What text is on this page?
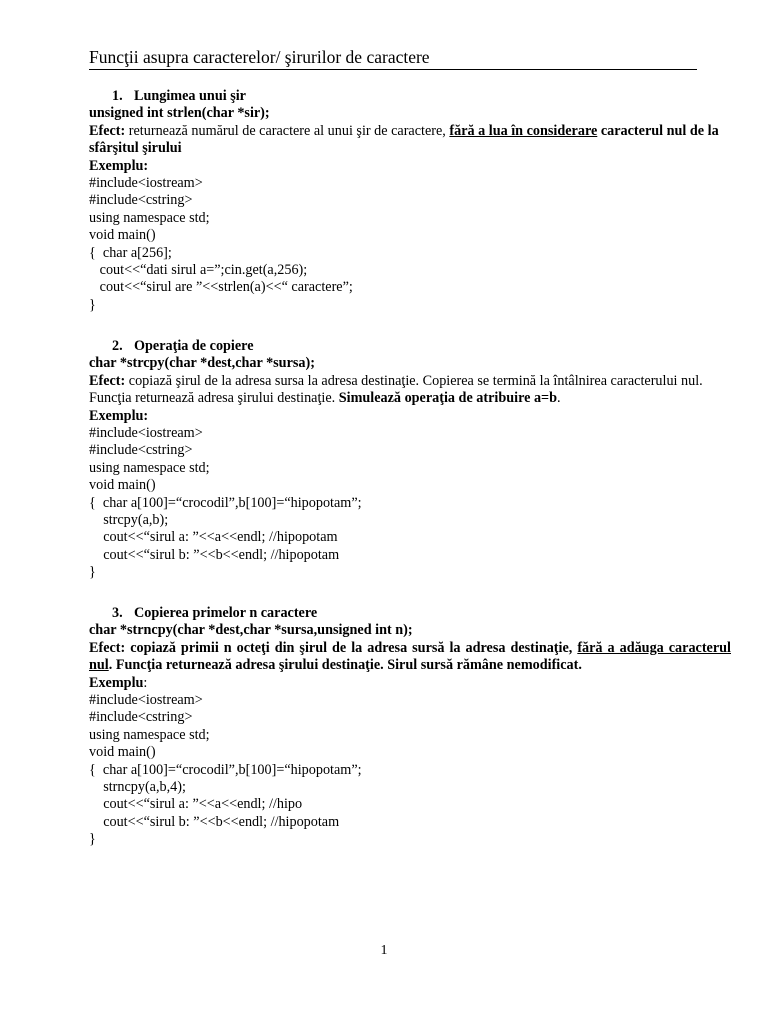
Funcţii asupra caracterelor/ şirurilor de caractere

1. Lungimea unui şir

unsigned int strlen(char *sir);

Efect: returnează numărul de caractere al unui şir de caractere, fără a lua în considerare caracterul nul de la sfârşitul şirului

Exemplu:

#include<iostream>

#include<cstring>

using namespace std;

void main()

{  char a[256];

cout<<“dati sirul a=”;cin.get(a,256);

cout<<“sirul are ”<<strlen(a)<<“ caractere”;

}

2. Operaţia de copiere

char *strcpy(char *dest,char *sursa);

Efect: copiază şirul de la adresa sursa la adresa destinaţie. Copierea se termină la întâlnirea caracterului nul. Funcţia returnează adresa şirului destinaţie. Simulează operaţia de atribuire a=b.

Exemplu:

#include<iostream>

#include<cstring>

using namespace std;

void main()

{  char a[100]=“crocodil”,b[100]=“hipopotam”;

strcpy(a,b);

cout<<“sirul a: ”<<a<<endl; //hipopotam

cout<<“sirul b: ”<<b<<endl; //hipopotam

}

3. Copierea primelor n caractere

char *strncpy(char *dest,char *sursa,unsigned int n);

Efect: copiază primii n octeţi din şirul de la adresa sursă la adresa destinaţie, fără a adăuga caracterul nul. Funcţia returnează adresa şirului destinaţie. Sirul sursă rămâne nemodificat.

Exemplu:

#include<iostream>

#include<cstring>

using namespace std;

void main()

{  char a[100]=“crocodil”,b[100]=“hipopotam”;

strncpy(a,b,4);

cout<<“sirul a: ”<<a<<endl; //hipo

cout<<“sirul b: ”<<b<<endl; //hipopotam

}

1
